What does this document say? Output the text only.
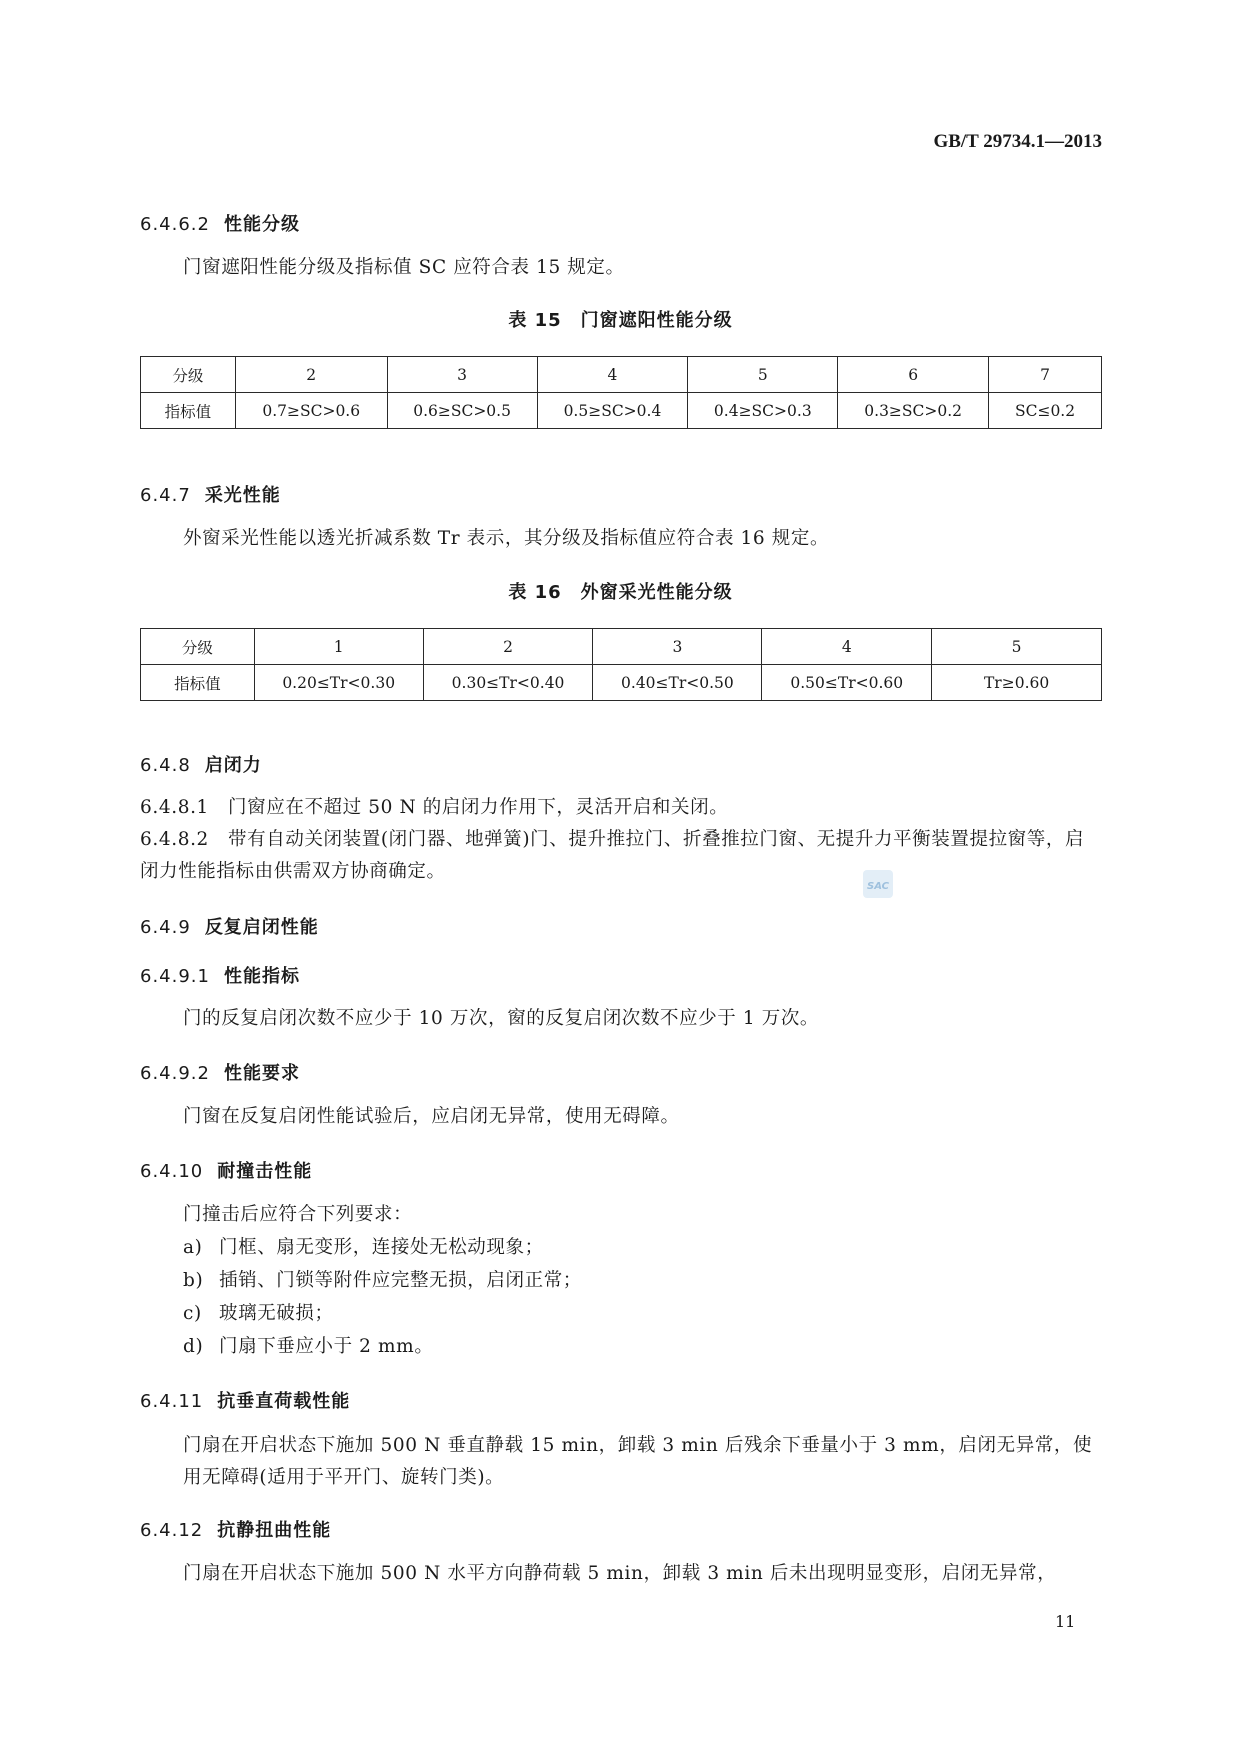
GB/T 29734.1—2013
6.4.6.2 性能分级
门窗遮阳性能分级及指标值 SC 应符合表 15 规定。
表 15　门窗遮阳性能分级
分级	2	3	4	5	6	7
指标值	0.7≥SC>0.6	0.6≥SC>0.5	0.5≥SC>0.4	0.4≥SC>0.3	0.3≥SC>0.2	SC≤0.2
6.4.7 采光性能
外窗采光性能以透光折减系数 Tr 表示，其分级及指标值应符合表 16 规定。
表 16　外窗采光性能分级
分级	1	2	3	4	5
指标值	0.20≤Tr<0.30	0.30≤Tr<0.40	0.40≤Tr<0.50	0.50≤Tr<0.60	Tr≥0.60
6.4.8 启闭力
6.4.8.1　 门窗应在不超过 50 N 的启闭力作用下，灵活开启和关闭。
6.4.8.2　 带有自动关闭装置(闭门器、地弹簧)门、提升推拉门、折叠推拉门窗、无提升力平衡装置提拉窗等，启闭力性能指标由供需双方协商确定。
SAC
6.4.9 反复启闭性能
6.4.9.1 性能指标
门的反复启闭次数不应少于 10 万次，窗的反复启闭次数不应少于 1 万次。
6.4.9.2 性能要求
门窗在反复启闭性能试验后，应启闭无异常，使用无碍障。
6.4.10 耐撞击性能
门撞击后应符合下列要求：
a) 门框、扇无变形，连接处无松动现象；
b) 插销、门锁等附件应完整无损，启闭正常；
c) 玻璃无破损；
d) 门扇下垂应小于 2 mm。
6.4.11 抗垂直荷载性能
门扇在开启状态下施加 500 N 垂直静载 15 min，卸载 3 min 后残余下垂量小于 3 mm，启闭无异常，使用无障碍(适用于平开门、旋转门类)。
6.4.12 抗静扭曲性能
门扇在开启状态下施加 500 N 水平方向静荷载 5 min，卸载 3 min 后未出现明显变形，启闭无异常，
11
